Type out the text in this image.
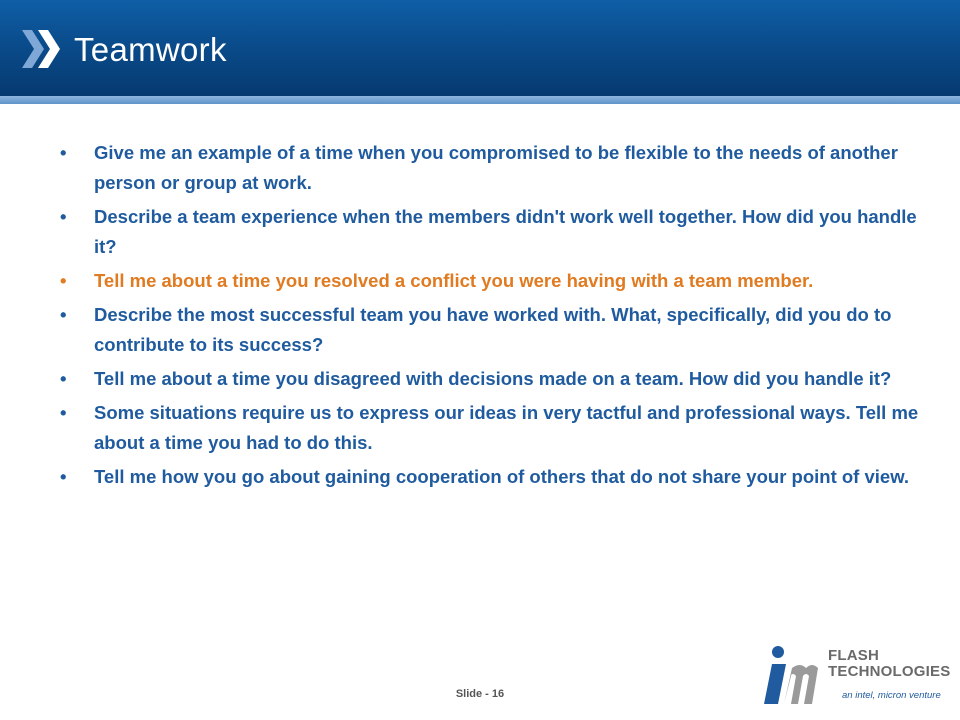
Teamwork
•	Give me an example of a time when you compromised to be flexible to the needs of another person or group at work.
•	Describe a team experience when the members didn't work well together. How did you handle it?
•	Tell me about a time you resolved a conflict you were having with a team member.
•	Describe the most successful team you have worked with. What, specifically, did you do to contribute to its success?
•	Tell me about a time you disagreed with decisions made on a team. How did you handle it?
•	Some situations require us to express our ideas in very tactful and professional ways. Tell me about a time you had to do this.
•	Tell me how you go about gaining cooperation of others that do not share your point of view.
Slide - 16
FLASH
TECHNOLOGIES
an intel, micron venture
